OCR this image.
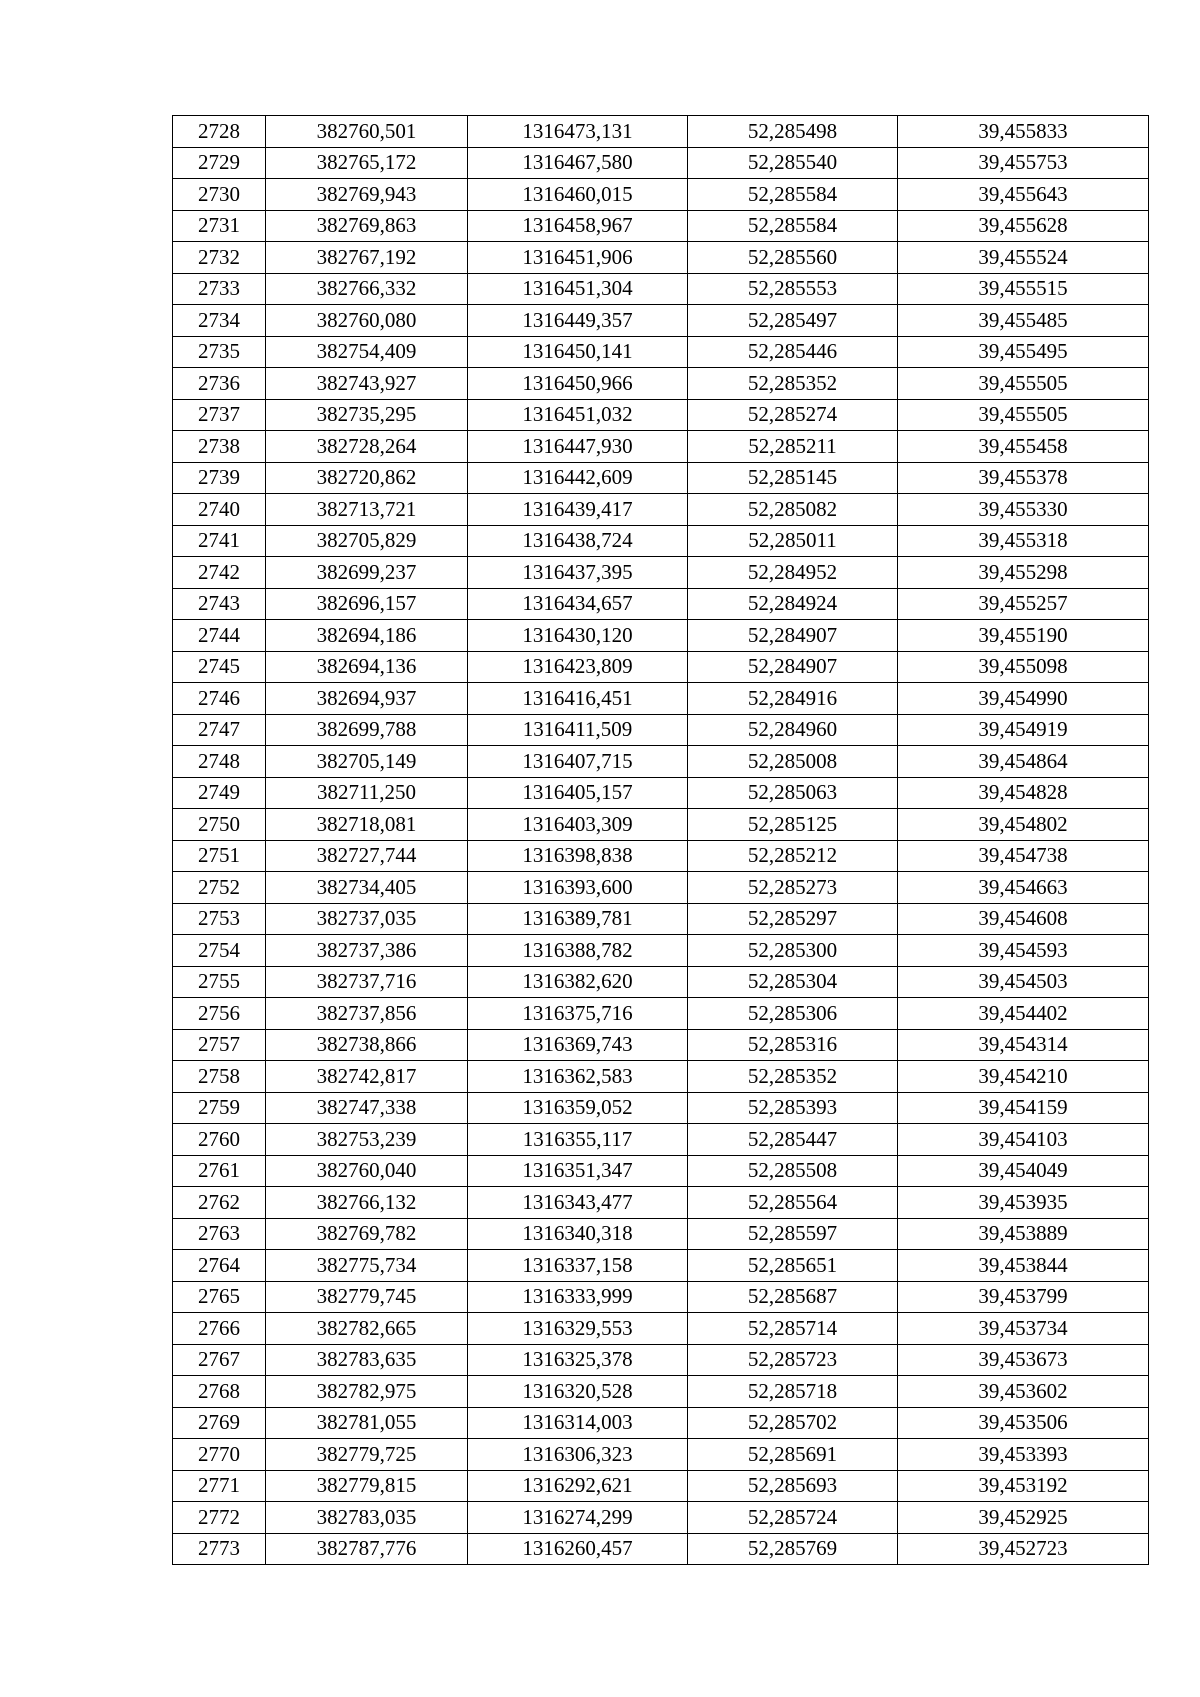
2728	382760,501	1316473,131	52,285498	39,455833
2729	382765,172	1316467,580	52,285540	39,455753
2730	382769,943	1316460,015	52,285584	39,455643
2731	382769,863	1316458,967	52,285584	39,455628
2732	382767,192	1316451,906	52,285560	39,455524
2733	382766,332	1316451,304	52,285553	39,455515
2734	382760,080	1316449,357	52,285497	39,455485
2735	382754,409	1316450,141	52,285446	39,455495
2736	382743,927	1316450,966	52,285352	39,455505
2737	382735,295	1316451,032	52,285274	39,455505
2738	382728,264	1316447,930	52,285211	39,455458
2739	382720,862	1316442,609	52,285145	39,455378
2740	382713,721	1316439,417	52,285082	39,455330
2741	382705,829	1316438,724	52,285011	39,455318
2742	382699,237	1316437,395	52,284952	39,455298
2743	382696,157	1316434,657	52,284924	39,455257
2744	382694,186	1316430,120	52,284907	39,455190
2745	382694,136	1316423,809	52,284907	39,455098
2746	382694,937	1316416,451	52,284916	39,454990
2747	382699,788	1316411,509	52,284960	39,454919
2748	382705,149	1316407,715	52,285008	39,454864
2749	382711,250	1316405,157	52,285063	39,454828
2750	382718,081	1316403,309	52,285125	39,454802
2751	382727,744	1316398,838	52,285212	39,454738
2752	382734,405	1316393,600	52,285273	39,454663
2753	382737,035	1316389,781	52,285297	39,454608
2754	382737,386	1316388,782	52,285300	39,454593
2755	382737,716	1316382,620	52,285304	39,454503
2756	382737,856	1316375,716	52,285306	39,454402
2757	382738,866	1316369,743	52,285316	39,454314
2758	382742,817	1316362,583	52,285352	39,454210
2759	382747,338	1316359,052	52,285393	39,454159
2760	382753,239	1316355,117	52,285447	39,454103
2761	382760,040	1316351,347	52,285508	39,454049
2762	382766,132	1316343,477	52,285564	39,453935
2763	382769,782	1316340,318	52,285597	39,453889
2764	382775,734	1316337,158	52,285651	39,453844
2765	382779,745	1316333,999	52,285687	39,453799
2766	382782,665	1316329,553	52,285714	39,453734
2767	382783,635	1316325,378	52,285723	39,453673
2768	382782,975	1316320,528	52,285718	39,453602
2769	382781,055	1316314,003	52,285702	39,453506
2770	382779,725	1316306,323	52,285691	39,453393
2771	382779,815	1316292,621	52,285693	39,453192
2772	382783,035	1316274,299	52,285724	39,452925
2773	382787,776	1316260,457	52,285769	39,452723
